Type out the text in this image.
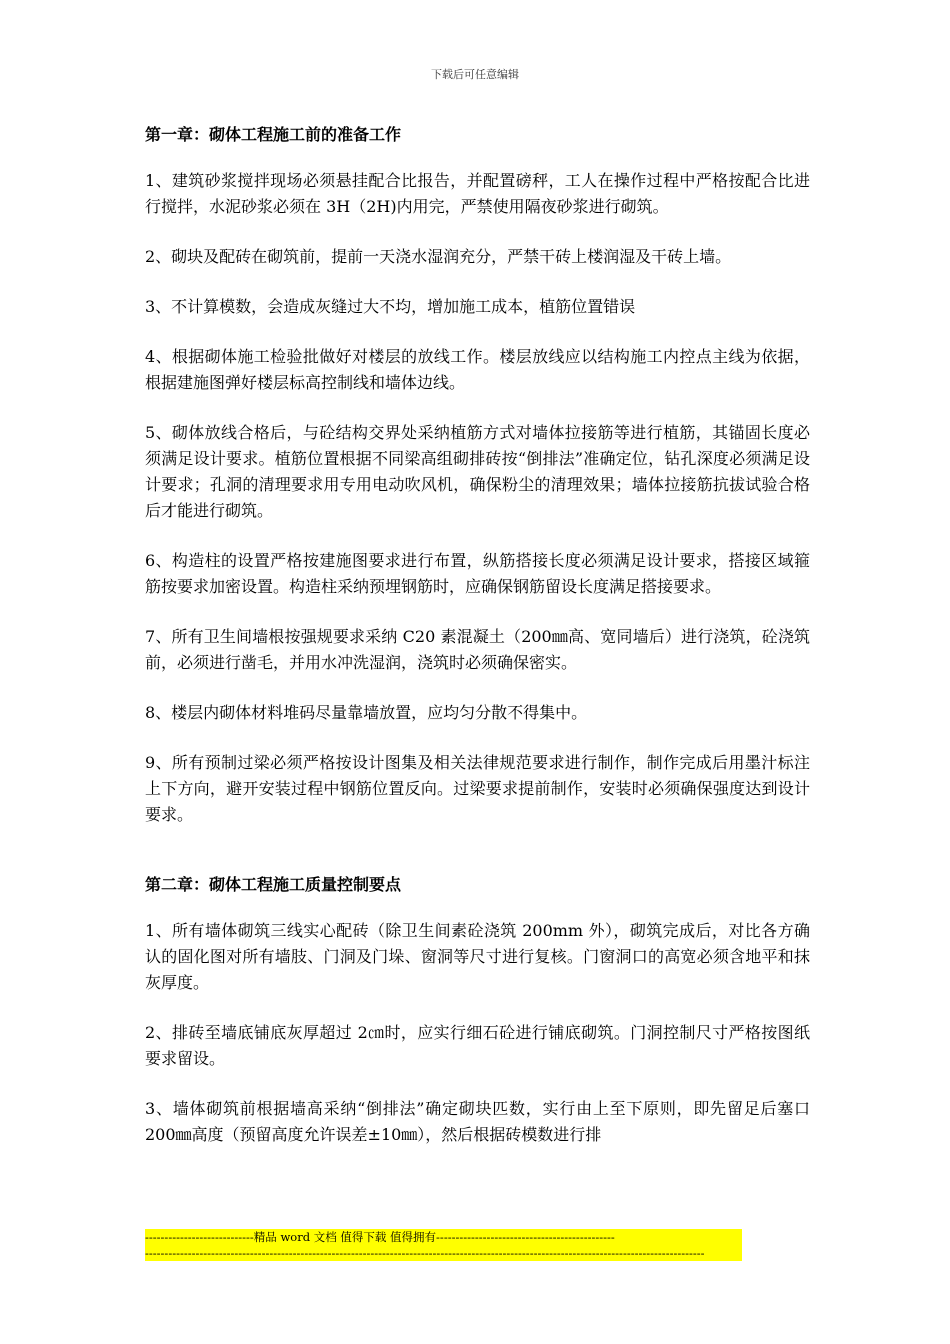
下载后可任意编辑
第一章：砌体工程施工前的准备工作

1、建筑砂浆搅拌现场必须悬挂配合比报告，并配置磅秤，工人在操作过程中严格按配合比进行搅拌，水泥砂浆必须在 3H（2H)内用完，严禁使用隔夜砂浆进行砌筑。

2、砌块及配砖在砌筑前，提前一天浇水湿润充分，严禁干砖上楼润湿及干砖上墙。

3、不计算模数，会造成灰缝过大不均，增加施工成本，植筋位置错误

4、根据砌体施工检验批做好对楼层的放线工作。楼层放线应以结构施工内控点主线为依据，根据建施图弹好楼层标高控制线和墙体边线。

5、砌体放线合格后，与砼结构交界处采纳植筋方式对墙体拉接筋等进行植筋，其锚固长度必须满足设计要求。植筋位置根据不同梁高组砌排砖按“倒排法”准确定位，钻孔深度必须满足设计要求；孔洞的清理要求用专用电动吹风机，确保粉尘的清理效果；墙体拉接筋抗拔试验合格后才能进行砌筑。

6、构造柱的设置严格按建施图要求进行布置，纵筋搭接长度必须满足设计要求，搭接区域箍筋按要求加密设置。构造柱采纳预埋钢筋时，应确保钢筋留设长度满足搭接要求。

7、所有卫生间墙根按强规要求采纳 C20 素混凝土（200㎜高、宽同墙后）进行浇筑，砼浇筑前，必须进行凿毛，并用水冲洗湿润，浇筑时必须确保密实。

8、楼层内砌体材料堆码尽量靠墙放置，应均匀分散不得集中。

9、所有预制过梁必须严格按设计图集及相关法律规范要求进行制作，制作完成后用墨汁标注上下方向，避开安装过程中钢筋位置反向。过梁要求提前制作，安装时必须确保强度达到设计要求。

第二章：砌体工程施工质量控制要点

1、所有墙体砌筑三线实心配砖（除卫生间素砼浇筑 200mm 外），砌筑完成后，对比各方确认的固化图对所有墙肢、门洞及门垛、窗洞等尺寸进行复核。门窗洞口的高宽必须含地平和抹灰厚度。

2、排砖至墙底铺底灰厚超过 2㎝时，应实行细石砼进行铺底砌筑。门洞控制尺寸严格按图纸要求留设。

3、墙体砌筑前根据墙高采纳“倒排法”确定砌块匹数，实行由上至下原则，即先留足后塞口 200㎜高度（预留高度允许误差±10㎜），然后根据砖模数进行排

----------------------------精品 word 文档 值得下载 值得拥有----------------------------------------------
------------------------------------------------------------------------------------------------------------------------------------------------
